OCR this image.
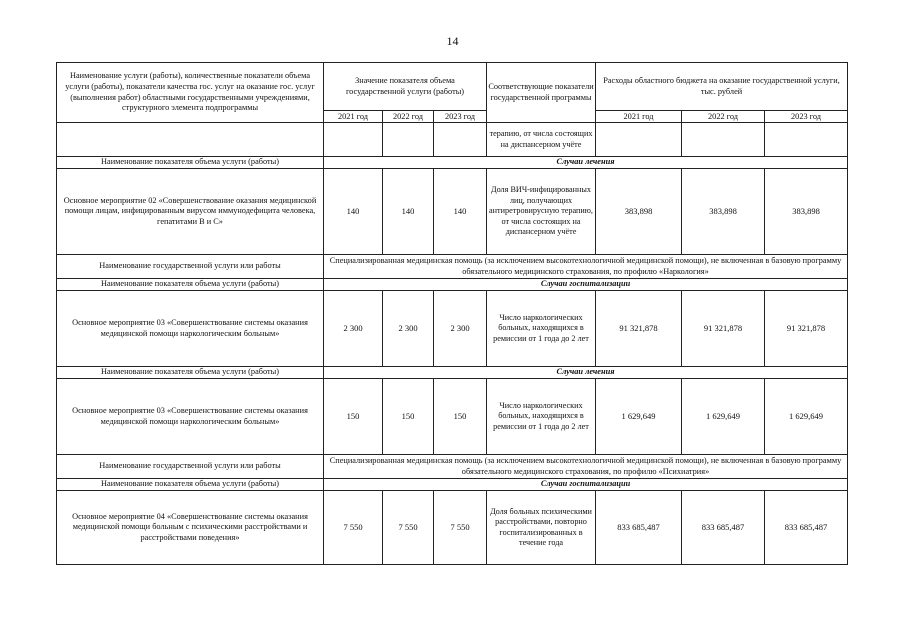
14
Наименование услуги (работы), количественные показатели объема услуги (работы), показатели качества гос. услуг на оказание гос. услуг (выполнения работ) областными государственными учреждениями, структурного элемента подпрограммы	Значение показателя объема государственной услуги (работы)			Соответствующие показатели государственной программы	Расходы областного бюджета на оказание государственной услуги, тыс. рублей		
	2021 год	2022 год	2023 год		2021 год	2022 год	2023 год
				терапию, от числа состоящих на диспансерном учёте			
Наименование показателя объема услуги (работы)	Случаи лечения						
Основное мероприятие 02 «Совершенствование оказания медицинской помощи лицам, инфицированным вирусом иммунодефицита человека, гепатитами В и С»	140	140	140	Доля ВИЧ-инфицированных лиц, получающих антиретровирусную терапию, от числа состоящих на диспансерном учёте	383,898	383,898	383,898
Наименование государственной услуги или работы	Специализированная медицинская помощь (за исключением высокотехнологичной медицинской помощи), не включенная в базовую программу обязательного медицинского страхования, по профилю «Наркология»						
Наименование показателя объема услуги (работы)	Случаи госпитализации						
Основное мероприятие 03 «Совершенствование системы оказания медицинской помощи наркологическим больным»	2 300	2 300	2 300	Число наркологических больных, находящихся в ремиссии от 1 года до 2 лет	91 321,878	91 321,878	91 321,878
Наименование показателя объема услуги (работы)	Случаи лечения						
Основное мероприятие 03 «Совершенствование системы оказания медицинской помощи наркологическим больным»	150	150	150	Число наркологических больных, находящихся в ремиссии от 1 года до 2 лет	1 629,649	1 629,649	1 629,649
Наименование государственной услуги или работы	Специализированная медицинская помощь (за исключением высокотехнологичной медицинской помощи), не включенная в базовую программу обязательного медицинского страхования, по профилю «Психиатрия»						
Наименование показателя объема услуги (работы)	Случаи госпитализации						
Основное мероприятие 04 «Совершенствование системы оказания медицинской помощи больным с психическими расстройствами и расстройствами поведения»	7 550	7 550	7 550	Доля больных психическими расстройствами, повторно госпитализированных в течение года	833 685,487	833 685,487	833 685,487
